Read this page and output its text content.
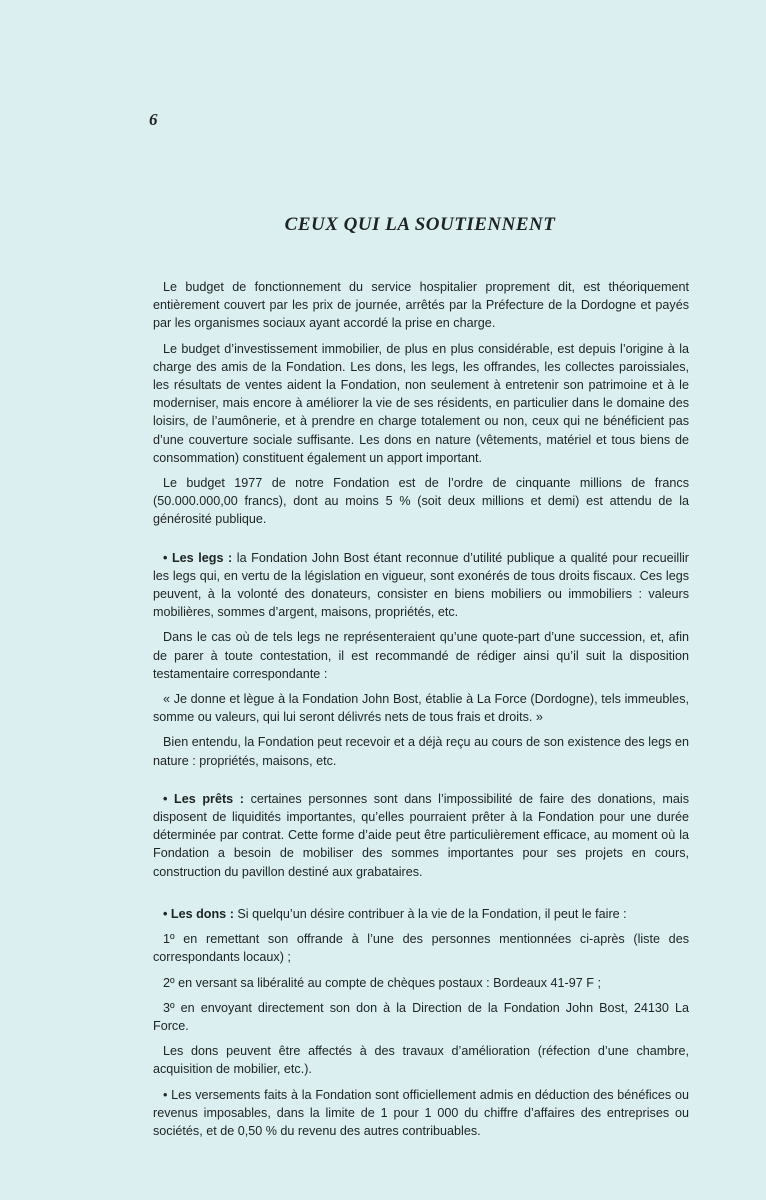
6
CEUX QUI LA SOUTIENNENT

Le budget de fonctionnement du service hospitalier proprement dit, est théoriquement entièrement couvert par les prix de journée, arrêtés par la Préfecture de la Dordogne et payés par les organismes sociaux ayant accordé la prise en charge.

Le budget d’investissement immobilier, de plus en plus considérable, est depuis l’origine à la charge des amis de la Fondation. Les dons, les legs, les offrandes, les collectes paroissiales, les résultats de ventes aident la Fondation, non seulement à entretenir son patrimoine et à le moderniser, mais encore à améliorer la vie de ses résidents, en particulier dans le domaine des loisirs, de l’aumônerie, et à prendre en charge totalement ou non, ceux qui ne bénéficient pas d’une couverture sociale suffisante. Les dons en nature (vêtements, matériel et tous biens de consommation) constituent également un apport important.

Le budget 1977 de notre Fondation est de l’ordre de cinquante millions de francs (50.000.000,00 francs), dont au moins 5 % (soit deux millions et demi) est attendu de la générosité publique.

• Les legs : la Fondation John Bost étant reconnue d’utilité publique a qualité pour recueillir les legs qui, en vertu de la législation en vigueur, sont exonérés de tous droits fiscaux. Ces legs peuvent, à la volonté des donateurs, consister en biens mobiliers ou immobiliers : valeurs mobilières, sommes d’argent, maisons, propriétés, etc.

Dans le cas où de tels legs ne représenteraient qu’une quote-part d’une succession, et, afin de parer à toute contestation, il est recommandé de rédiger ainsi qu’il suit la disposition testamentaire correspondante :

« Je donne et lègue à la Fondation John Bost, établie à La Force (Dordogne), tels immeubles, somme ou valeurs, qui lui seront délivrés nets de tous frais et droits. »

Bien entendu, la Fondation peut recevoir et a déjà reçu au cours de son existence des legs en nature : propriétés, maisons, etc.

• Les prêts : certaines personnes sont dans l’impossibilité de faire des donations, mais disposent de liquidités importantes, qu’elles pourraient prêter à la Fondation pour une durée déterminée par contrat. Cette forme d’aide peut être particulièrement efficace, au moment où la Fondation a besoin de mobiliser des sommes importantes pour ses projets en cours, construction du pavillon destiné aux grabataires.

• Les dons : Si quelqu’un désire contribuer à la vie de la Fondation, il peut le faire :

1º en remettant son offrande à l’une des personnes mentionnées ci-après (liste des correspondants locaux) ;

2º en versant sa libéralité au compte de chèques postaux : Bordeaux 41-97 F ;

3º en envoyant directement son don à la Direction de la Fondation John Bost, 24130 La Force.

Les dons peuvent être affectés à des travaux d’amélioration (réfection d’une chambre, acquisition de mobilier, etc.).

• Les versements faits à la Fondation sont officiellement admis en déduction des bénéfices ou revenus imposables, dans la limite de 1 pour 1 000 du chiffre d’affaires des entreprises ou sociétés, et de 0,50 % du revenu des autres contribuables.
